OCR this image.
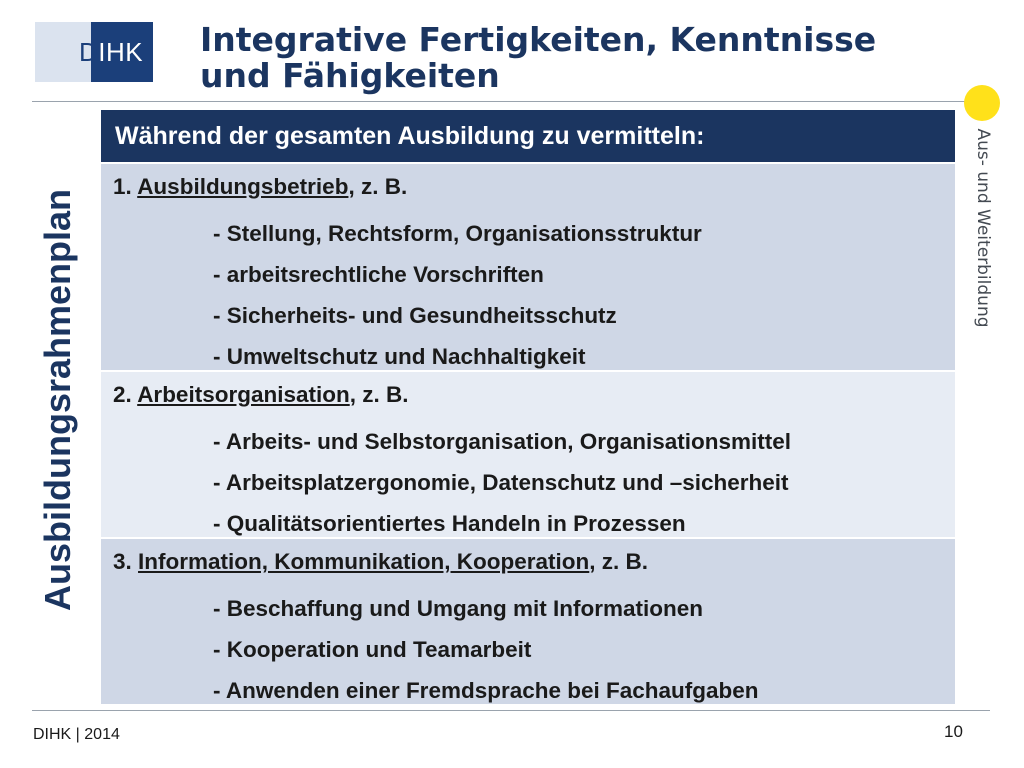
DIHK Integrative Fertigkeiten, Kenntnisse
und Fähigkeiten
Ausbildungsrahmenplan
Während der gesamten Ausbildung zu vermitteln:
1. Ausbildungsbetrieb, z. B.
- Stellung, Rechtsform, Organisationsstruktur
- arbeitsrechtliche Vorschriften
- Sicherheits- und Gesundheitsschutz
- Umweltschutz und Nachhaltigkeit
2. Arbeitsorganisation, z. B.
- Arbeits- und Selbstorganisation, Organisationsmittel
- Arbeitsplatzergonomie, Datenschutz und –sicherheit
- Qualitätsorientiertes Handeln in Prozessen
3. Information, Kommunikation, Kooperation, z. B.
- Beschaffung und Umgang mit Informationen
- Kooperation und Teamarbeit
- Anwenden einer Fremdsprache bei Fachaufgaben
Aus- und Weiterbildung
DIHK | 2014	10
